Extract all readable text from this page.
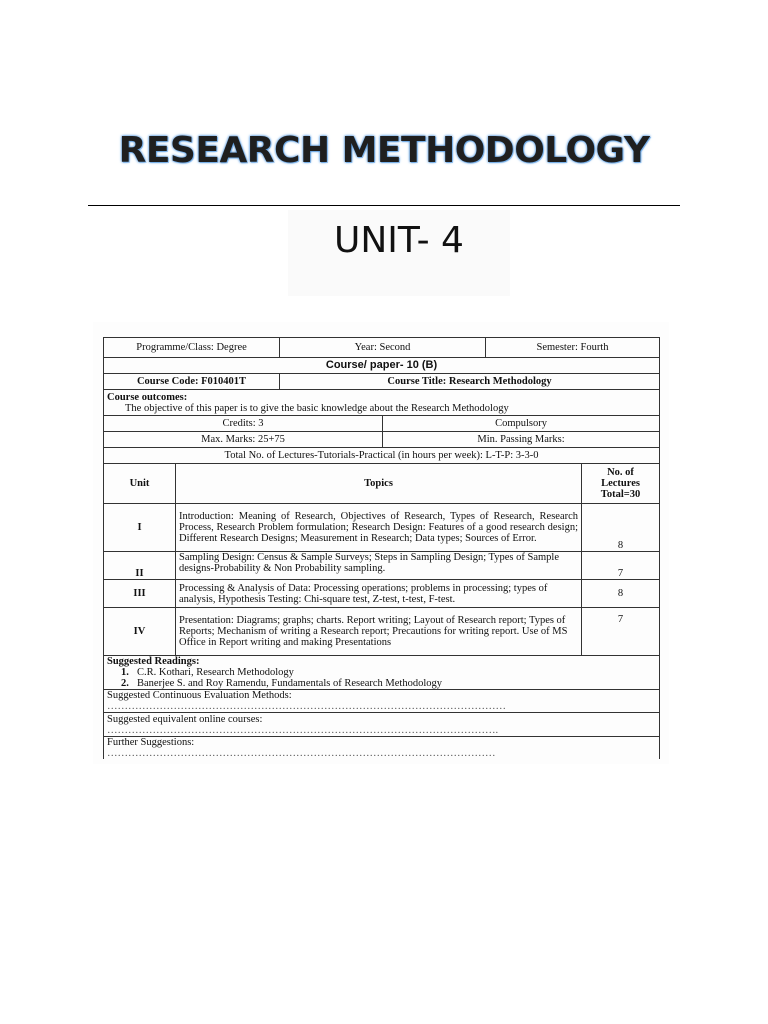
RESEARCH METHODOLOGY
UNIT- 4
Programme/Class: Degree		Year: Second		Semester: Fourth	
Course/ paper- 10 (B)					
Course Code: F010401T		Course Title: Research Methodology			

Course outcomes:
The objective of this paper is to give the basic knowledge about the Research Methodology					

Credits: 3			Compulsory		
Max. Marks: 25+75			Min. Passing Marks:		
Total No. of Lectures-Tutorials-Practical (in hours per week): L-T-P: 3-3-0					
Unit	Topics				No. of
Lectures
Total=30

I	Introduction: Meaning of Research, Objectives of Research, Types of Research, Research Process, Research Problem formulation; Research Design: Features of a good research design; Different Research Designs; Measurement in Research; Data types; Sources of Error.				8
II	Sampling Design: Census & Sample Surveys; Steps in Sampling Design; Types of Sample designs-Probability & Non Probability sampling.				7
III	Processing & Analysis of Data: Processing operations; problems in processing; types of analysis, Hypothesis Testing: Chi-square test, Z-test, t-test, F-test.				8
IV	Presentation: Diagrams; graphs; charts. Report writing; Layout of Research report; Types of Reports; Mechanism of writing a Research report; Precautions for writing report. Use of MS Office in Report writing and making Presentations				7

Suggested Readings:
1. C.R. Kothari, Research Methodology
2. Banerjee S. and Roy Ramendu, Fundamentals of Research Methodology					

Suggested Continuous Evaluation Methods:
……………………………………………………………………………………………………					

Suggested equivalent online courses:
………………………………………………………………………………………………….					

Further Suggestions:
…………………………………………………………………………………………………					
